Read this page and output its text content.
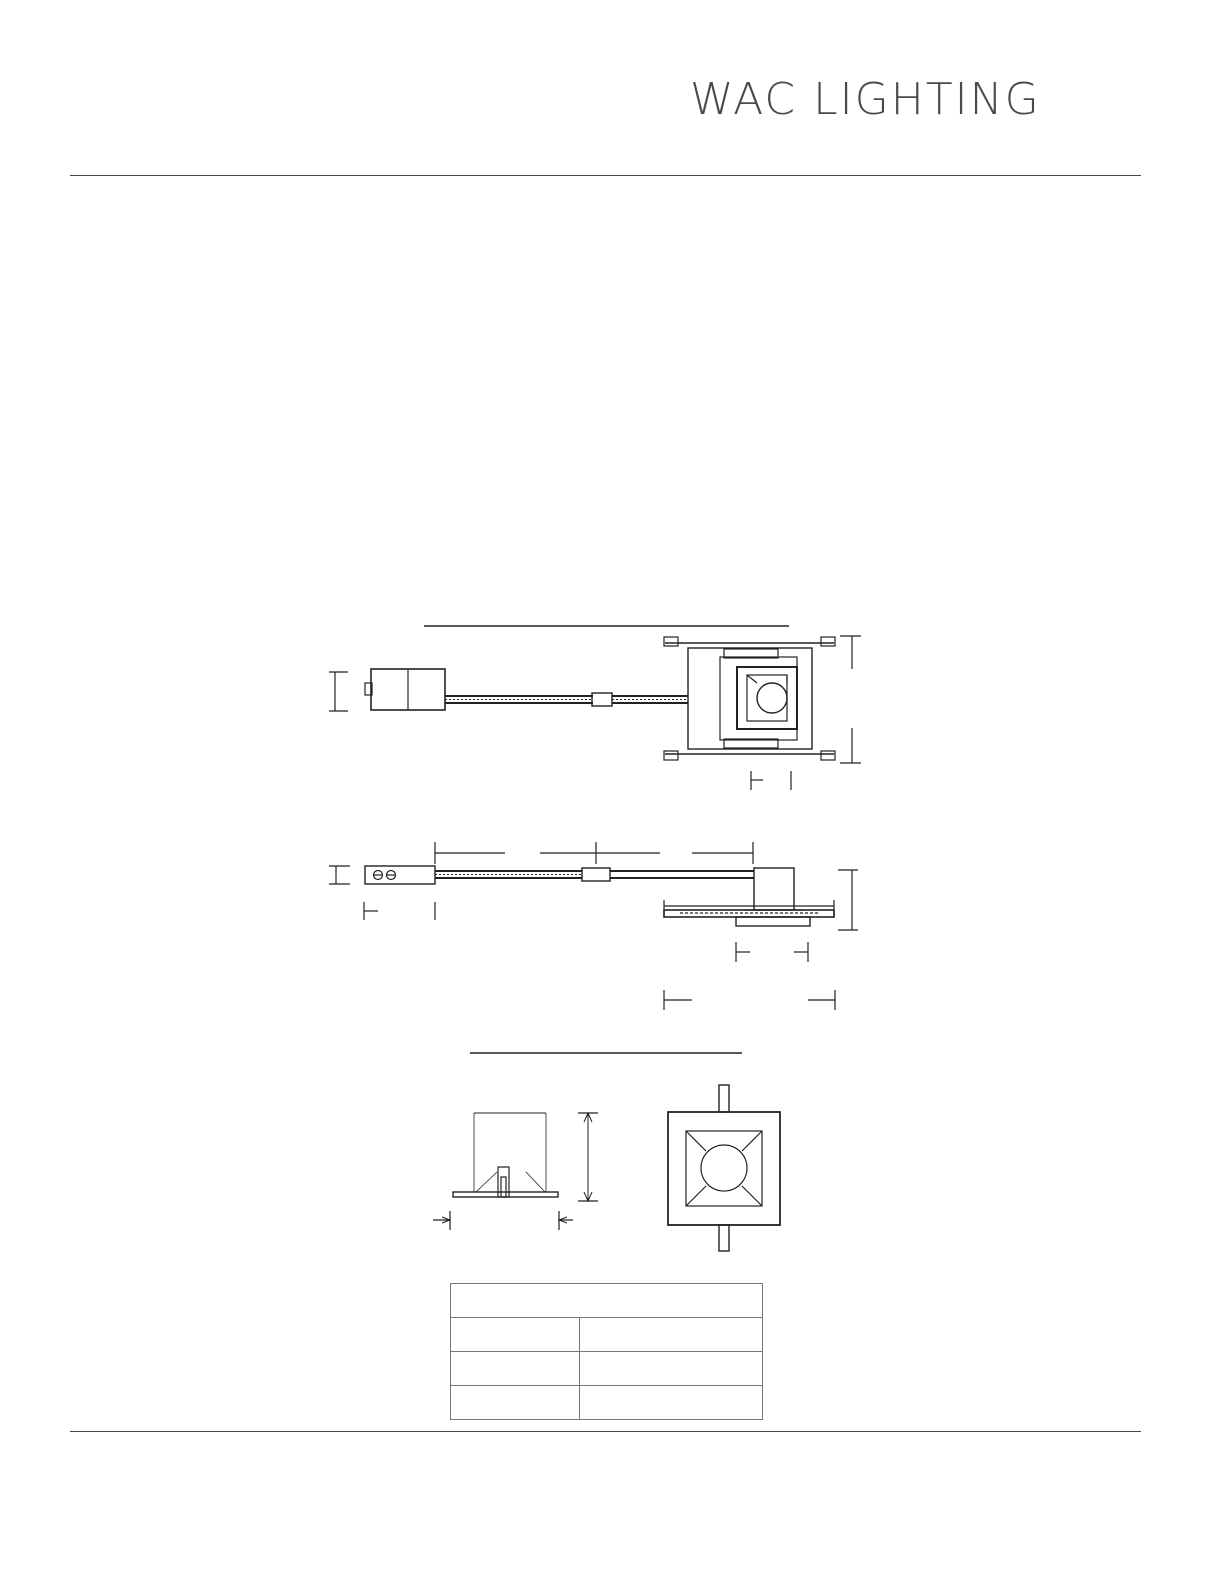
WAC LIGHTING
